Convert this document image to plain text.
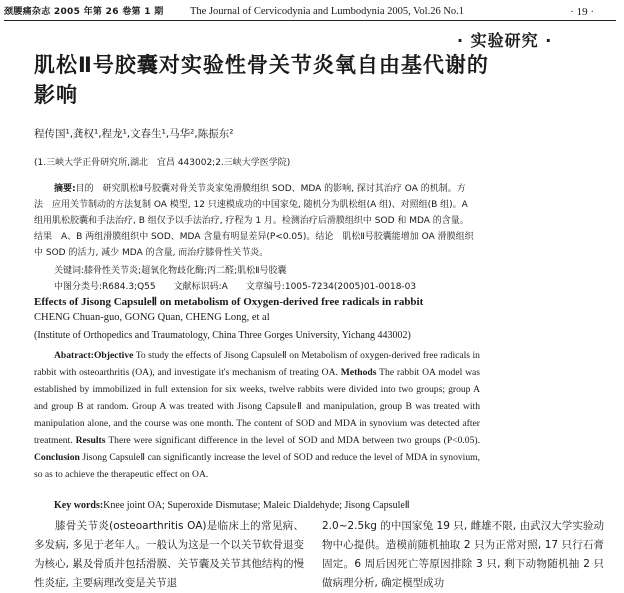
颈腰痛杂志 2005 年第 26 卷第 1 期	The Journal of Cervicodynia and Lumbodynia 2005, Vol.26 No.1	· 19 ·
· 实验研究 ·
肌松Ⅱ号胶囊对实验性骨关节炎氧自由基代谢的影响
程传国¹,龚权¹,程龙¹,文春生¹,马华²,陈振东²
(1.三峡大学正骨研究所,湖北　宜昌 443002;2.三峡大学医学院)

摘要:目的　研究肌松Ⅱ号胶囊对骨关节炎家兔滑膜组织 SOD、MDA 的影响, 探讨其治疗 OA 的机制。方法　应用关节制动的方法复制 OA 模型, 12 只速模成功的中国家兔, 随机分为肌松组(A 组)、对照组(B 组)。A 组用肌松胶囊和手法治疗, B 组仅予以手法治疗, 疗程为 1 月。检测治疗后滑膜组织中 SOD 和 MDA 的含量。结果　A、B 两组滑膜组织中 SOD、MDA 含量有明显差异(P<0.05)。结论　肌松Ⅱ号胶囊能增加 OA 滑膜组织中 SOD 的活力, 减少 MDA 的含量, 而治疗膝骨性关节炎。

关键词:膝骨性关节炎;超氧化物歧化酶;丙二醛;肌松Ⅱ号胶囊
中图分类号:R684.3;Q55　　文献标识码:A　　文章编号:1005-7234(2005)01-0018-03
Effects of Jisong CapsuleⅡ on metabolism of Oxygen-derived free radicals in rabbit
CHENG Chuan-guo, GONG Quan, CHENG Long, et al
(Institute of Orthopedics and Traumatology, China Three Gorges University, Yichang 443002)

Abatract:Objective To study the effects of Jisong CapsuleⅡ on Metabolism of oxygen-derived free radicals in rabbit with osteoarthritis (OA), and investigate it's mechanism of treating OA. Methods The rabbit OA model was established by immobilized in full extension for six weeks, twelve rabbits were divided into two groups; group A and group B at random. Group A was treated with Jisong CapsuleⅡ and manipulation, group B was treated with manipulation alone, and the course was one month. The content of SOD and MDA in synovium was detected after treatment. Results There were significant difference in the level of SOD and MDA between two groups (P<0.05). Conclusion Jisong CapsuleⅡ can significantly increase the level of SOD and reduce the level of MDA in synovium, so as to achieve the therapeutic effect on OA.

Key words:Knee joint OA; Superoxide Dismutase; Maleic Dialdehyde; Jisong CapsuleⅡ

膝骨关节炎(osteoarthritis OA)是临床上的常见病、多发病, 多见于老年人。一般认为这是一个以关节软骨退变为核心, 累及骨质并包括滑膜、关节囊及关节其他结构的慢性炎症, 主要病理改变是关节退

2.0~2.5kg 的中国家兔 19 只, 雌雄不限, 由武汉大学实验动物中心提供。造模前随机抽取 2 只为正常对照, 17 只行石膏固定。6 周后因死亡等原因排除 3 只, 剩下动物随机抽 2 只做病理分析, 确定模型成功
